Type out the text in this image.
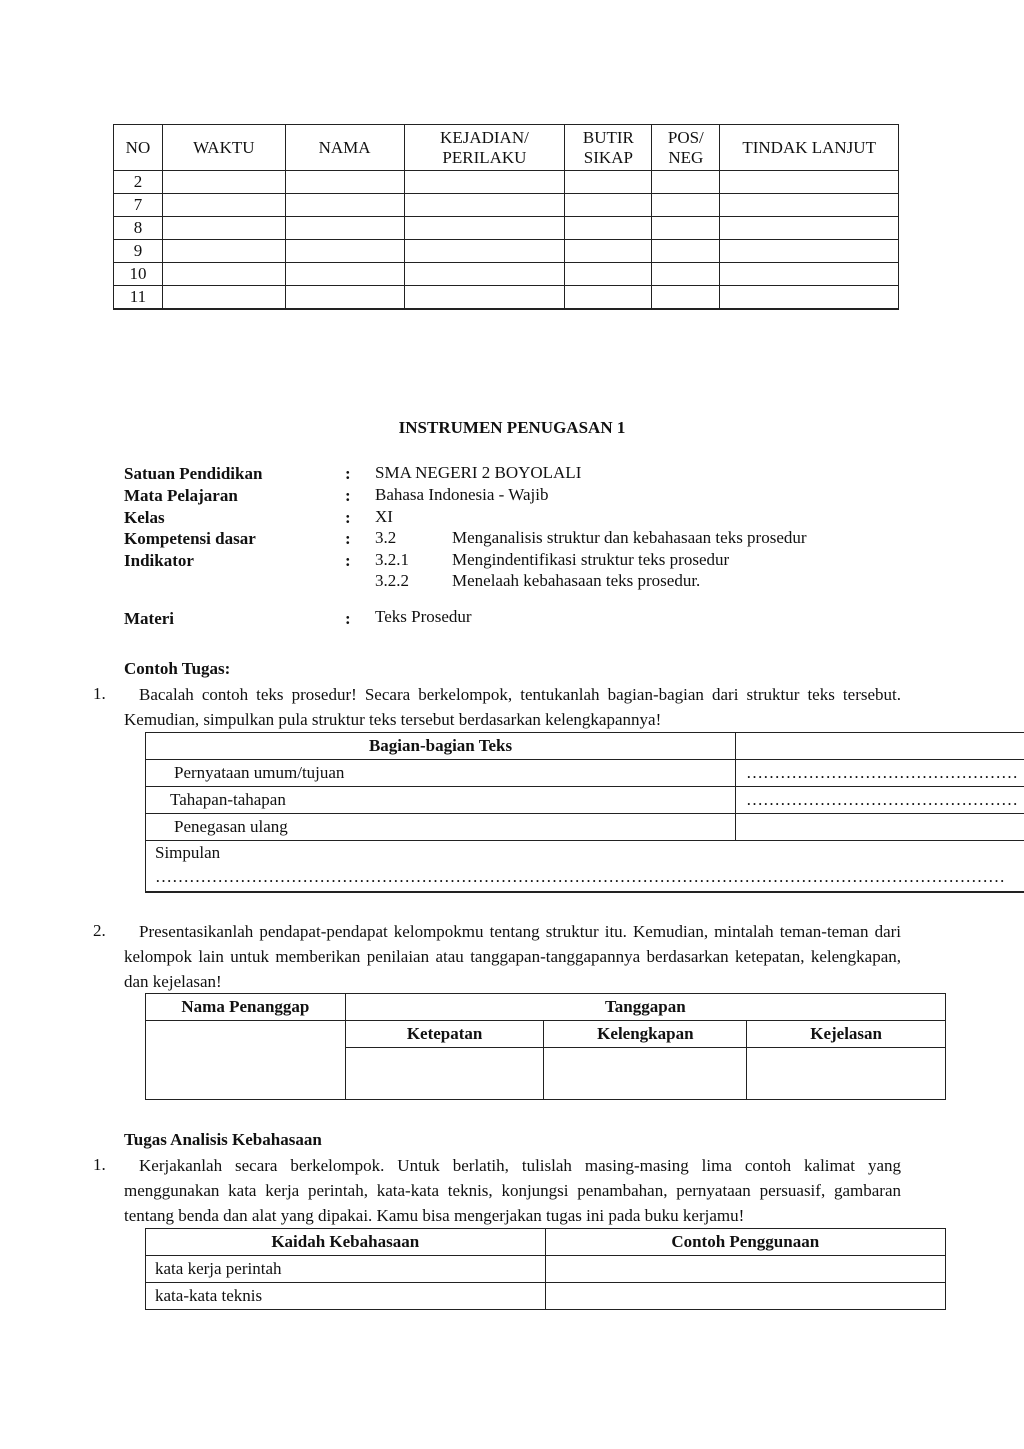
NO	WAKTU	NAMA	KEJADIAN/ PERILAKU	BUTIR SIKAP	POS/ NEG	TINDAK LANJUT
2						
7						
8						
9						
10						
11						
INSTRUMEN PENUGASAN 1
Satuan Pendidikan	: SMA NEGERI 2 BOYOLALI
Mata Pelajaran	: Bahasa Indonesia - Wajib
Kelas	: XI
Kompetensi dasar	: 3.2	Menganalisis struktur dan kebahasaan teks prosedur
Indikator	: 3.2.1	Mengindentifikasi struktur teks prosedur
3.2.2	Menelaah kebahasaan teks prosedur.
Materi	: Teks Prosedur
Contoh Tugas:
1.	Bacalah contoh teks prosedur! Secara berkelompok, tentukanlah bagian-bagian dari struktur teks tersebut. Kemudian, simpulkan pula struktur teks tersebut berdasarkan kelengkapannya!
Bagian-bagian Teks	
Pernyataan umum/tujuan	…………………………………………
Tahapan-tahapan	…………………………………………
Penegasan ulang	

Simpulan
……………………………………………………………………………………………………………………………………	
2.	Presentasikanlah pendapat-pendapat kelompokmu tentang struktur itu. Kemudian, mintalah teman-teman dari kelompok lain untuk memberikan penilaian atau tanggapan-tanggapannya berdasarkan ketepatan, kelengkapan, dan kejelasan!
Nama Penanggap	Tanggapan		
	Ketepatan	Kelengkapan	Kejelasan

Tugas Analisis Kebahasaan
1.	Kerjakanlah secara berkelompok. Untuk berlatih, tulislah masing-masing lima contoh kalimat yang menggunakan kata kerja perintah, kata-kata teknis, konjungsi penambahan, pernyataan persuasif, gambaran tentang benda dan alat yang dipakai. Kamu bisa mengerjakan tugas ini pada buku kerjamu!
Kaidah Kebahasaan	Contoh Penggunaan
kata kerja perintah	
kata-kata teknis	
